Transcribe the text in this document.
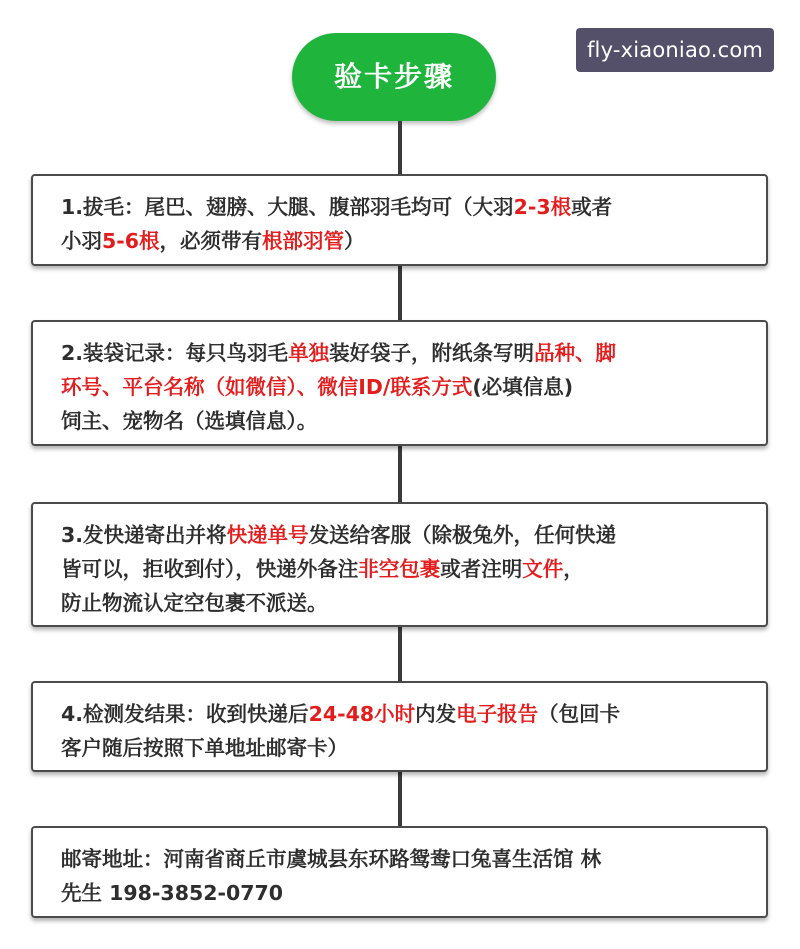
fly-xiaoniao.com
验卡步骤

1.拔毛：尾巴、翅膀、大腿、腹部羽毛均可（大羽2-3根或者
小羽5-6根，必须带有根部羽管）

2.装袋记录：每只鸟羽毛单独装好袋子，附纸条写明品种、脚
环号、平台名称（如微信）、微信ID/联系方式(必填信息)
饲主、宠物名（选填信息）。

3.发快递寄出并将快递单号发送给客服（除极兔外，任何快递
皆可以，拒收到付），快递外备注非空包裹或者注明文件，
防止物流认定空包裹不派送。

4.检测发结果：收到快递后24-48小时内发电子报告（包回卡
客户随后按照下单地址邮寄卡）

邮寄地址：河南省商丘市虞城县东环路鸳鸯口兔喜生活馆 林
先生 198-3852-0770
